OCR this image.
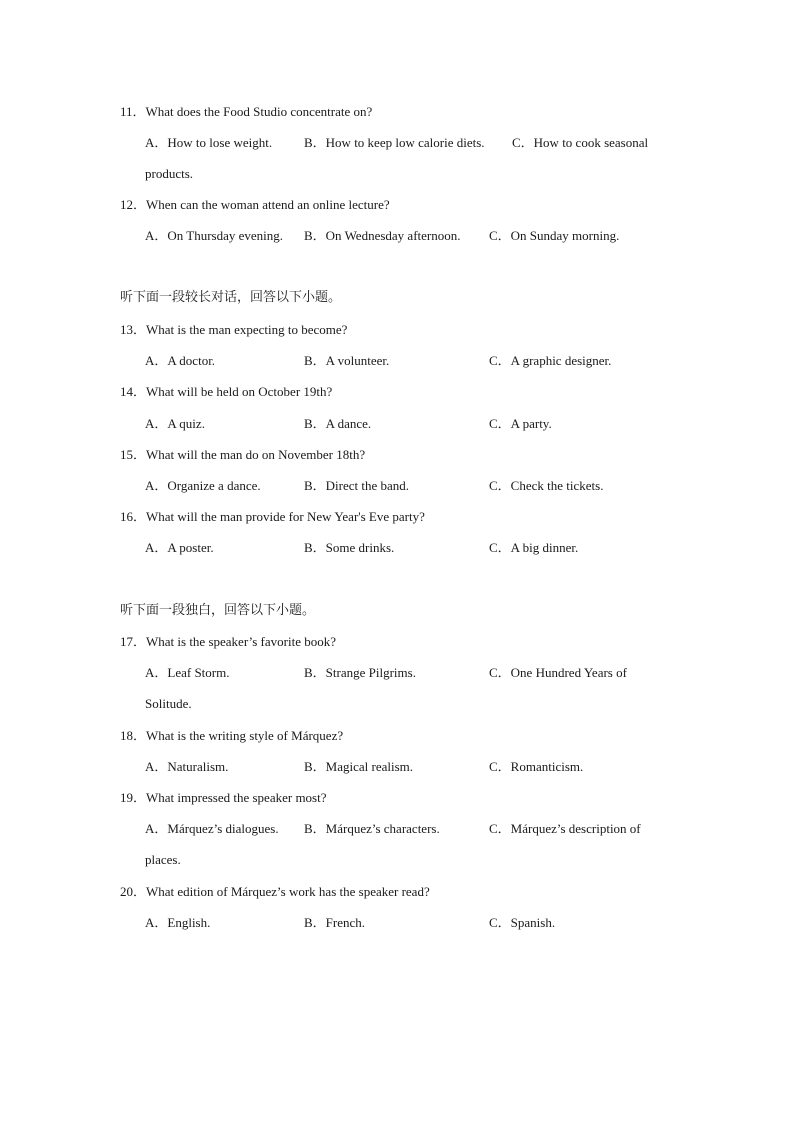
11．What does the Food Studio concentrate on?
A．How to lose weight. B．How to keep low calorie diets. C．How to cook seasonal
products.
12．When can the woman attend an online lecture?
A．On Thursday evening. B．On Wednesday afternoon. C．On Sunday morning.
听下面一段较长对话，回答以下小题。
13．What is the man expecting to become?
A．A doctor.	B．A volunteer.	C．A graphic designer.
14．What will be held on October 19th?
A．A quiz.	B．A dance.	C．A party.
15．What will the man do on November 18th?
A．Organize a dance.	B．Direct the band.	C．Check the tickets.
16．What will the man provide for New Year's Eve party?
A．A poster.	B．Some drinks.	C．A big dinner.
听下面一段独白，回答以下小题。
17．What is the speaker’s favorite book?
A．Leaf Storm.	B．Strange Pilgrims.	C．One Hundred Years of
Solitude.
18．What is the writing style of Márquez?
A．Naturalism.	B．Magical realism.	C．Romanticism.
19．What impressed the speaker most?
A．Márquez’s dialogues. B．Márquez’s characters.	C．Márquez’s description of
places.
20．What edition of Márquez’s work has the speaker read?
A．English.	B．French.	C．Spanish.
